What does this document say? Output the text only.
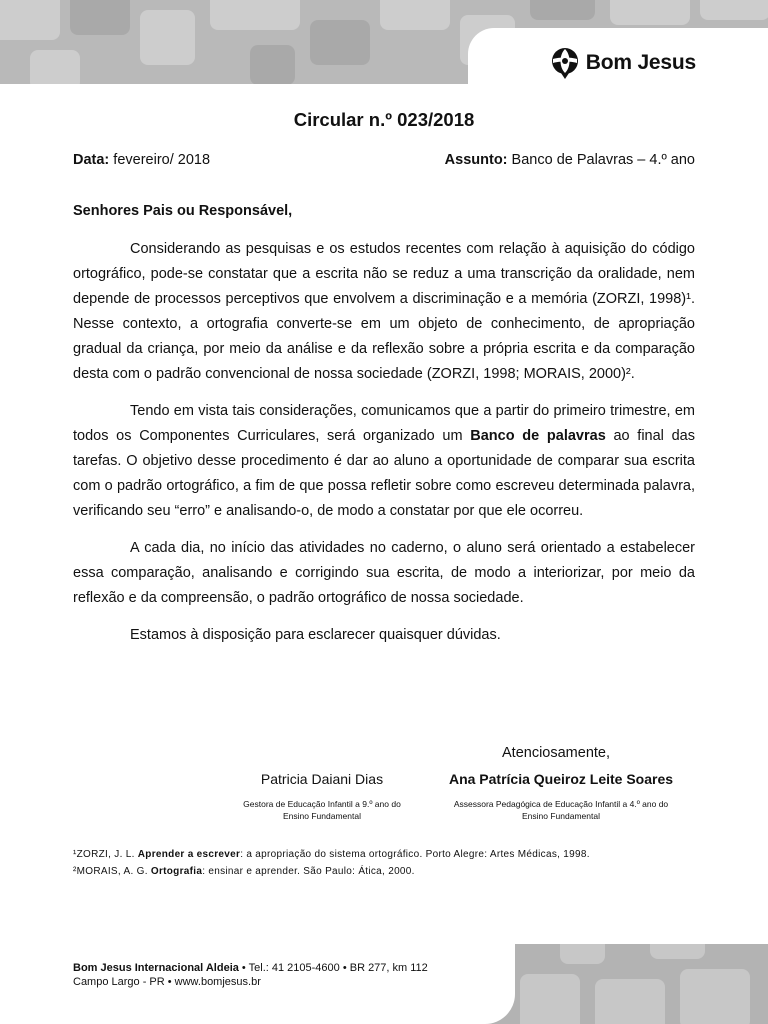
Bom Jesus
Circular n.º 023/2018
Data: fevereiro/ 2018	Assunto: Banco de Palavras – 4.º ano
Senhores Pais ou Responsável,

Considerando as pesquisas e os estudos recentes com relação à aquisição do código ortográfico, pode-se constatar que a escrita não se reduz a uma transcrição da oralidade, nem depende de processos perceptivos que envolvem a discriminação e a memória (ZORZI, 1998)¹. Nesse contexto, a ortografia converte-se em um objeto de conhecimento, de apropriação gradual da criança, por meio da análise e da reflexão sobre a própria escrita e da comparação desta com o padrão convencional de nossa sociedade (ZORZI, 1998; MORAIS, 2000)².

Tendo em vista tais considerações, comunicamos que a partir do primeiro trimestre, em todos os Componentes Curriculares, será organizado um Banco de palavras ao final das tarefas. O objetivo desse procedimento é dar ao aluno a oportunidade de comparar sua escrita com o padrão ortográfico, a fim de que possa refletir sobre como escreveu determinada palavra, verificando seu “erro” e analisando-o, de modo a constatar por que ele ocorreu.

A cada dia, no início das atividades no caderno, o aluno será orientado a estabelecer essa comparação, analisando e corrigindo sua escrita, de modo a interiorizar, por meio da reflexão e da compreensão, o padrão ortográfico de nossa sociedade.

Estamos à disposição para esclarecer quaisquer dúvidas.

Atenciosamente,
Patricia Daiani Dias
Gestora de Educação Infantil a 9.º ano do
Ensino Fundamental
Ana Patrícia Queiroz Leite Soares
Assessora Pedagógica de Educação Infantil a 4.º ano do
Ensino Fundamental
¹ZORZI, J. L. Aprender a escrever: a apropriação do sistema ortográfico. Porto Alegre: Artes Médicas, 1998.
²MORAIS, A. G. Ortografia: ensinar e aprender. São Paulo: Ática, 2000.
Bom Jesus Internacional Aldeia • Tel.: 41 2105-4600 • BR 277, km 112
Campo Largo - PR • www.bomjesus.br
